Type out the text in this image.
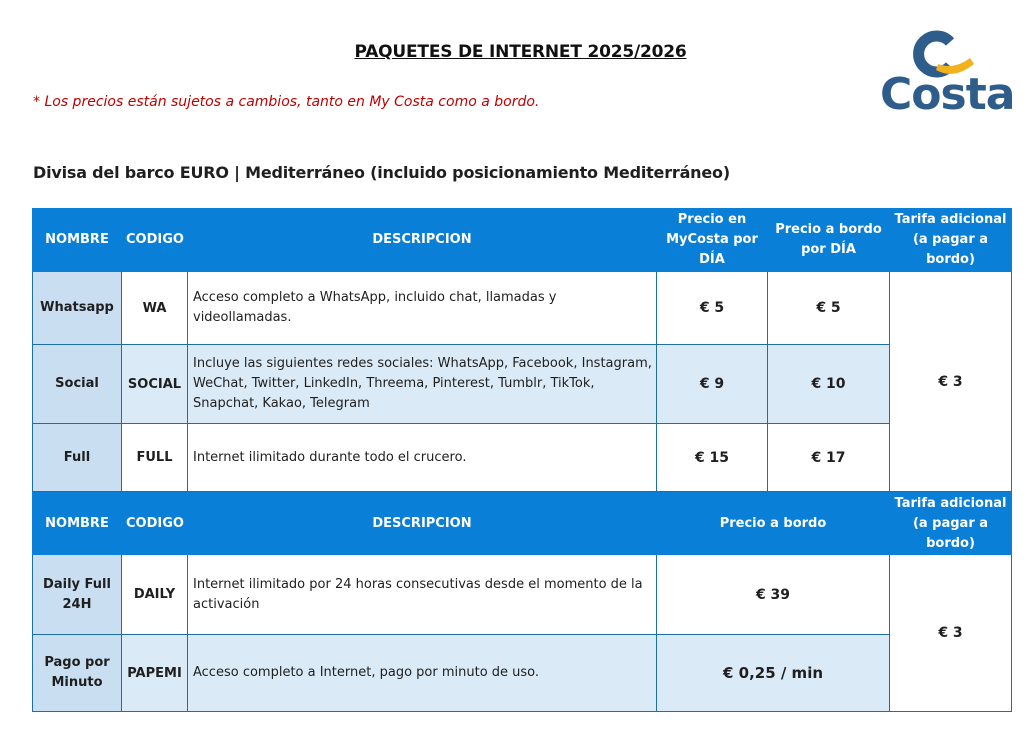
PAQUETES DE INTERNET 2025/2026
* Los precios están sujetos a cambios, tanto en My Costa como a bordo.	Costa
Divisa del barco EURO | Mediterráneo (incluido posicionamiento Mediterráneo)
NOMBRE	CODIGO	DESCRIPCION	Precio en MyCosta por DÍA	Precio a bordo por DÍA	Tarifa adicional (a pagar a bordo)
Whatsapp	WA	Acceso completo a WhatsApp, incluido chat, llamadas y videollamadas.	€ 5	€ 5	€ 3
Social	SOCIAL	Incluye las siguientes redes sociales: WhatsApp, Facebook, Instagram, WeChat, Twitter, LinkedIn, Threema, Pinterest, Tumblr, TikTok, Snapchat, Kakao, Telegram	€ 9	€ 10	
Full	FULL	Internet ilimitado durante todo el crucero.	€ 15	€ 17	
NOMBRE	CODIGO	DESCRIPCION	Precio a bordo	Tarifa adicional (a pagar a bordo)
Daily Full 24H	DAILY	Internet ilimitado por 24 horas consecutivas desde el momento de la activación	€ 39	€ 3
Pago por Minuto	PAPEMI	Acceso completo a Internet, pago por minuto de uso.	€ 0,25 / min	
